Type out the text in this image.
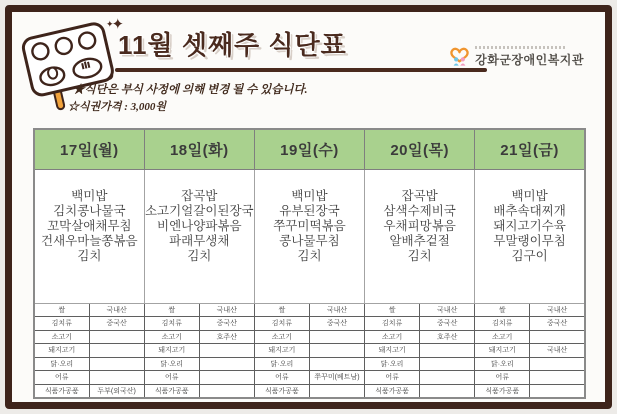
✦✦
11월 셋째주 식단표	강화군장애인복지관
★식단은 부식 사정에 의해 변경 될 수 있습니다.
☆식권가격 : 3,000원
17일(월)		18일(화)		19일(수)		20일(목)		21일(금)	

백미밥
김치콩나물국
꼬막살애채무침
건새우마늘쫑볶음
김치

잡곡밥
소고기얼갈이된장국
비엔나양파볶음
파래무생채
김치

백미밥
유부된장국
쭈꾸미떡볶음
콩나물무침
김치

잡곡밥
삼색수제비국
우채피망볶음
알배추겉절
김치

백미밥
배추속대찌개
돼지고기수육
무말랭이무침
김구이

쌀	국내산	쌀	국내산	쌀	국내산	쌀	국내산	쌀	국내산
김치류	중국산	김치류	중국산	김치류	중국산	김치류	중국산	김치류	중국산
소고기		소고기	호주산	소고기		소고기	호주산	소고기	
돼지고기		돼지고기		돼지고기		돼지고기		돼지고기	국내산
닭·오리		닭·오리		닭·오리		닭·오리		닭·오리	
어류		어류		어류	쭈꾸미(베트남)	어류		어류	
식품가공품	두부(외국산)	식품가공품		식품가공품		식품가공품		식품가공품	
